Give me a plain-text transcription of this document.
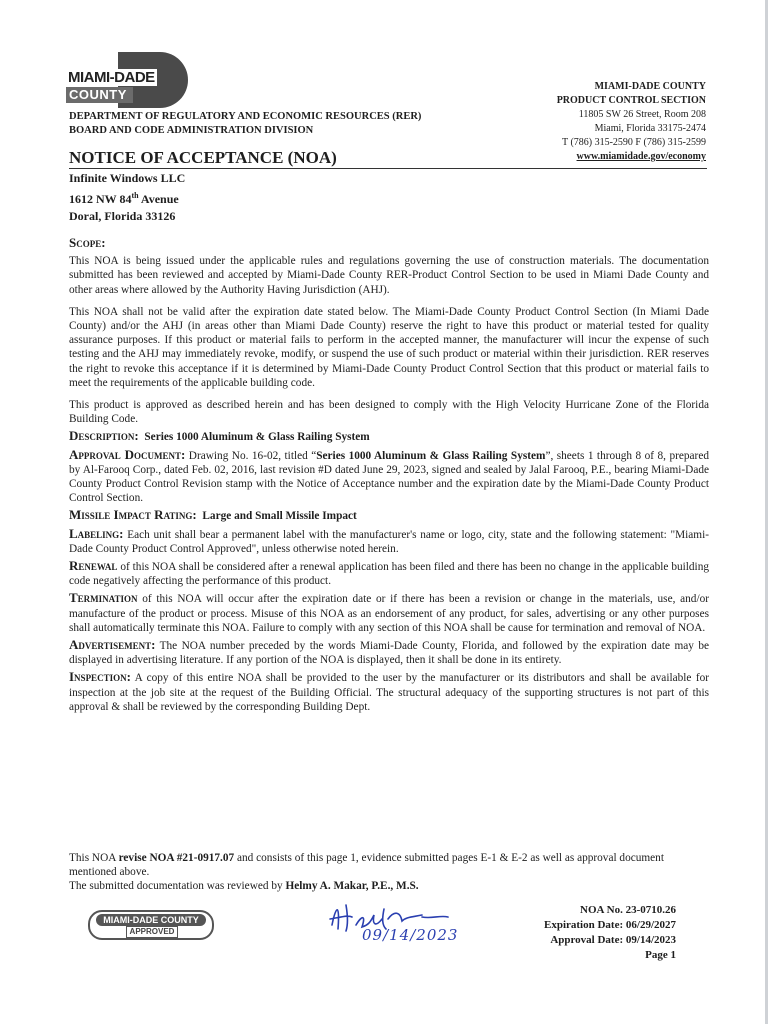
MIAMI-DADE
COUNTY
DEPARTMENT OF REGULATORY AND ECONOMIC RESOURCES (RER)
BOARD AND CODE ADMINISTRATION DIVISION
MIAMI-DADE COUNTY
PRODUCT CONTROL SECTION
11805 SW 26 Street, Room 208
Miami, Florida 33175-2474
T (786) 315-2590 F (786) 315-2599
www.miamidade.gov/economy
NOTICE OF ACCEPTANCE (NOA)
Infinite Windows LLC
1612 NW 84th Avenue
Doral, Florida 33126
Scope:

This NOA is being issued under the applicable rules and regulations governing the use of construction materials. The documentation submitted has been reviewed and accepted by Miami-Dade County RER-Product Control Section to be used in Miami Dade County and other areas where allowed by the Authority Having Jurisdiction (AHJ).

This NOA shall not be valid after the expiration date stated below. The Miami-Dade County Product Control Section (In Miami Dade County) and/or the AHJ (in areas other than Miami Dade County) reserve the right to have this product or material tested for quality assurance purposes. If this product or material fails to perform in the accepted manner, the manufacturer will incur the expense of such testing and the AHJ may immediately revoke, modify, or suspend the use of such product or material within their jurisdiction. RER reserves the right to revoke this acceptance if it is determined by Miami-Dade County Product Control Section that this product or material fails to meet the requirements of the applicable building code.

This product is approved as described herein and has been designed to comply with the High Velocity Hurricane Zone of the Florida Building Code.

Description: Series 1000 Aluminum & Glass Railing System
Approval Document: Drawing No. 16-02, titled “Series 1000 Aluminum & Glass Railing System”, sheets 1 through 8 of 8, prepared by Al-Farooq Corp., dated Feb. 02, 2016, last revision #D dated June 29, 2023, signed and sealed by Jalal Farooq, P.E., bearing Miami-Dade County Product Control Revision stamp with the Notice of Acceptance number and the expiration date by the Miami-Dade County Product Control Section.
Missile Impact Rating: Large and Small Missile Impact
Labeling: Each unit shall bear a permanent label with the manufacturer's name or logo, city, state and the following statement: "Miami-Dade County Product Control Approved", unless otherwise noted herein.
Renewal of this NOA shall be considered after a renewal application has been filed and there has been no change in the applicable building code negatively affecting the performance of this product.
Termination of this NOA will occur after the expiration date or if there has been a revision or change in the materials, use, and/or manufacture of the product or process. Misuse of this NOA as an endorsement of any product, for sales, advertising or any other purposes shall automatically terminate this NOA. Failure to comply with any section of this NOA shall be cause for termination and removal of NOA.
Advertisement: The NOA number preceded by the words Miami-Dade County, Florida, and followed by the expiration date may be displayed in advertising literature. If any portion of the NOA is displayed, then it shall be done in its entirety.
Inspection: A copy of this entire NOA shall be provided to the user by the manufacturer or its distributors and shall be available for inspection at the job site at the request of the Building Official. The structural adequacy of the supporting structures is not part of this approval & shall be reviewed by the corresponding Building Dept.
This NOA revise NOA #21-0917.07 and consists of this page 1, evidence submitted pages E-1 & E-2 as well as approval document mentioned above.
The submitted documentation was reviewed by Helmy A. Makar, P.E., M.S.
MIAMI-DADE COUNTY
APPROVED	09/14/2023
NOA No. 23-0710.26
Expiration Date: 06/29/2027
Approval Date: 09/14/2023
Page 1
